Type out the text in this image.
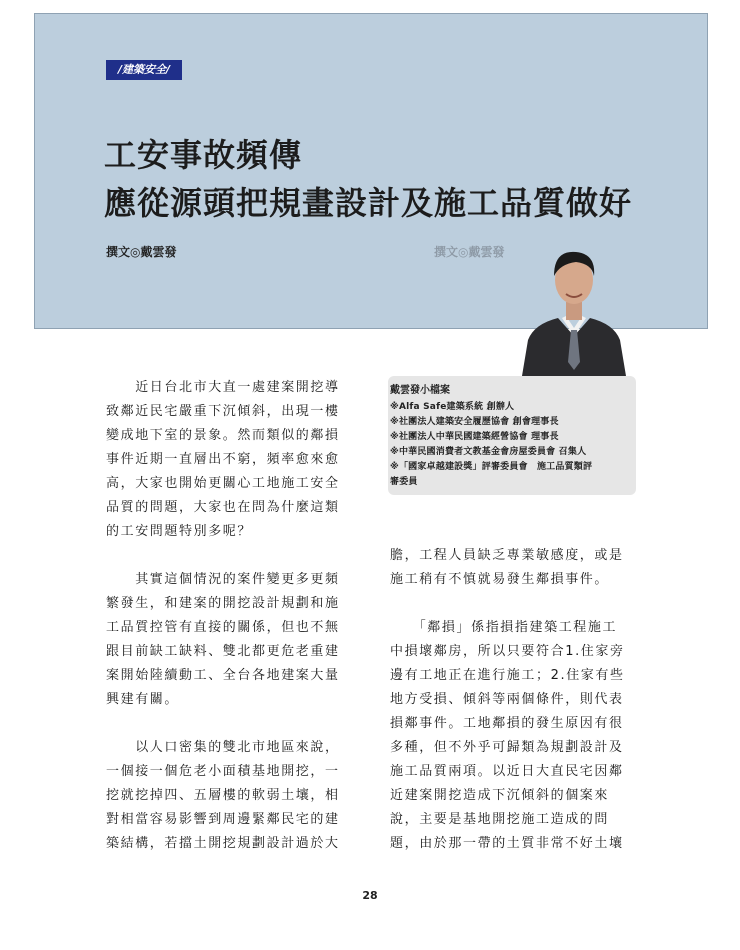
/建築安全/
工安事故頻傳
應從源頭把規畫設計及施工品質做好
撰文◎戴雲發	撰文◎戴雲發
戴雲發小檔案
※Alfa Safe建築系統 創辦人
※社團法人建築安全履歷協會 創會理事長
※社團法人中華民國建築經營協會 理事長
※中華民國消費者文教基金會房屋委員會 召集人
※「國家卓越建設獎」評審委員會　施工品質類評
審委員
　　近日台北市大直一處建案開挖導
致鄰近民宅嚴重下沉傾斜，出現一樓
變成地下室的景象。然而類似的鄰損
事件近期一直層出不窮，頻率愈來愈
高，大家也開始更關心工地施工安全
品質的問題，大家也在問為什麼這類
的工安問題特別多呢？
　　其實這個情況的案件變更多更頻
繁發生，和建案的開挖設計規劃和施
工品質控管有直接的關係，但也不無
跟目前缺工缺料、雙北都更危老重建
案開始陸續動工、全台各地建案大量
興建有關。
　　以人口密集的雙北市地區來說，
一個接一個危老小面積基地開挖，一
挖就挖掉四、五層樓的軟弱土壤，相
對相當容易影響到周邊緊鄰民宅的建
築結構，若擋土開挖規劃設計過於大
膽，工程人員缺乏專業敏感度，或是
施工稍有不慎就易發生鄰損事件。
　　「鄰損」係指損指建築工程施工
中損壞鄰房，所以只要符合1.住家旁
邊有工地正在進行施工；2.住家有些
地方受損、傾斜等兩個條件，則代表
損鄰事件。工地鄰損的發生原因有很
多種，但不外乎可歸類為規劃設計及
施工品質兩項。以近日大直民宅因鄰
近建案開挖造成下沉傾斜的個案來
說，主要是基地開挖施工造成的問
題，由於那一帶的土質非常不好土壤
28
